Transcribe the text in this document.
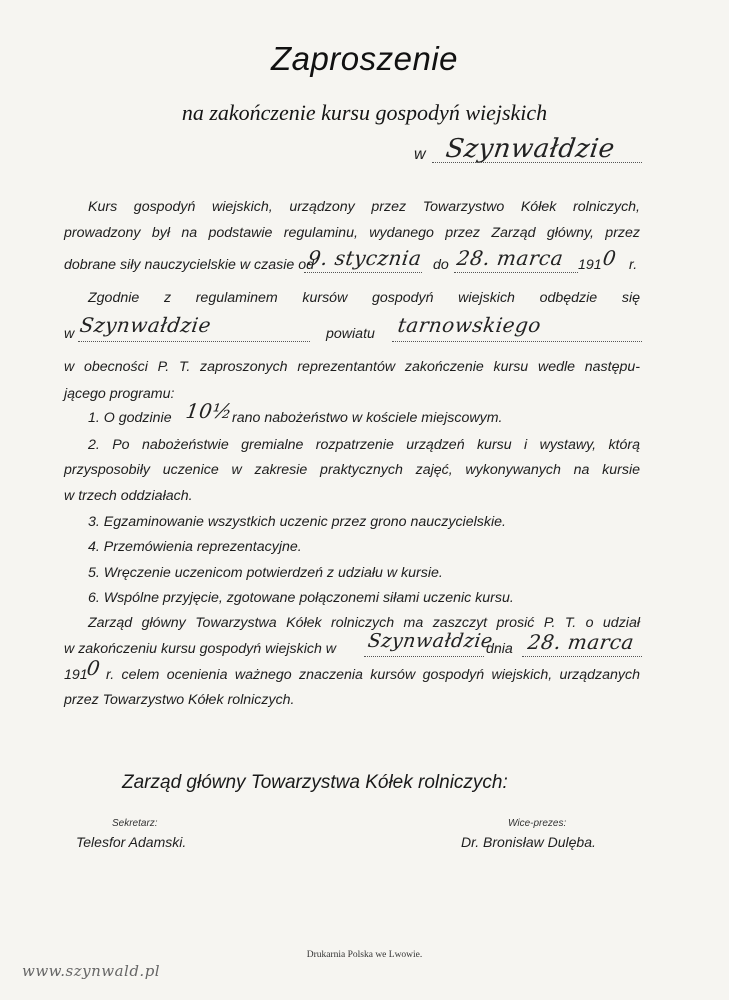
Zaproszenie
na zakończenie kursu gospodyń wiejskich
w Szynwałdzie
Kurs gospodyń wiejskich, urządzony przez Towarzystwo Kółek rolniczych,
prowadzony był na podstawie regulaminu, wydanego przez Zarząd główny, przez
dobrane siły nauczycielskie w czasie od
9. stycznia do 28. marca 191 0 r.
Zgodnie z regulaminem kursów gospodyń wiejskich odbędzie się
w Szynwałdzie	powiatu tarnowskiego
w obecności P. T. zaproszonych reprezentantów zakończenie kursu wedle następu-
jącego programu:
1. O godzinie 10½
rano nabożeństwo w kościele miejscowym.
2. Po nabożeństwie gremialne rozpatrzenie urządzeń kursu i wystawy, którą
przysposobiły uczenice w zakresie praktycznych zajęć, wykonywanych na kursie
w trzech oddziałach.
3. Egzaminowanie wszystkich uczenic przez grono nauczycielskie.
4. Przemówienia reprezentacyjne.
5. Wręczenie uczenicom potwierdzeń z udziału w kursie.
6. Wspólne przyjęcie, zgotowane połączonemi siłami uczenic kursu.
Zarząd główny Towarzystwa Kółek rolniczych ma zaszczyt prosić P. T. o udział
w zakończeniu kursu gospodyń wiejskich w Szynwałdzie
dnia 28. marca
191
0 r. celem ocenienia ważnego znaczenia kursów gospodyń wiejskich, urządzanych
przez Towarzystwo Kółek rolniczych.
Zarząd główny Towarzystwa Kółek rolniczych:
Sekretarz:
Telesfor Adamski.
Wice-prezes:
Dr. Bronisław Dulęba.
Drukarnia Polska we Lwowie.
www.szynwald.pl
